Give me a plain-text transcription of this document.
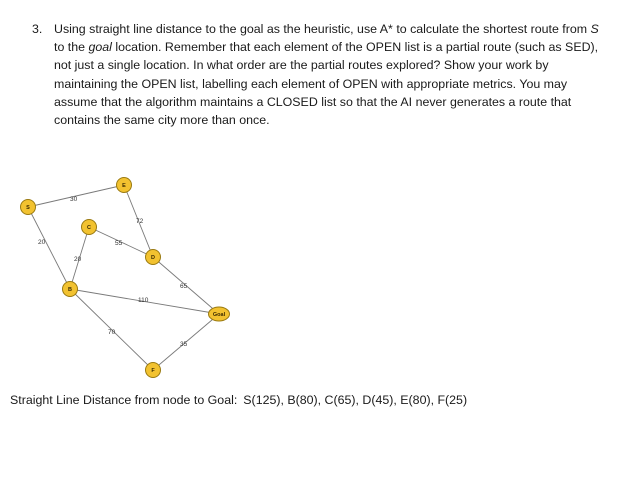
3. Using straight line distance to the goal as the heuristic, use A* to calculate the shortest route from S to the goal location. Remember that each element of the OPEN list is a partial route (such as SED), not just a single location. In what order are the partial routes explored? Show your work by maintaining the OPEN list, labelling each element of OPEN with appropriate metrics. You may assume that the algorithm maintains a CLOSED list so that the AI never generates a route that contains the same city more than once.
30
20
72
55
20
110
70
65
35
S
E
C
D
B
Goal
F
Straight Line Distance from node to Goal: S(125), B(80), C(65), D(45), E(80), F(25)
